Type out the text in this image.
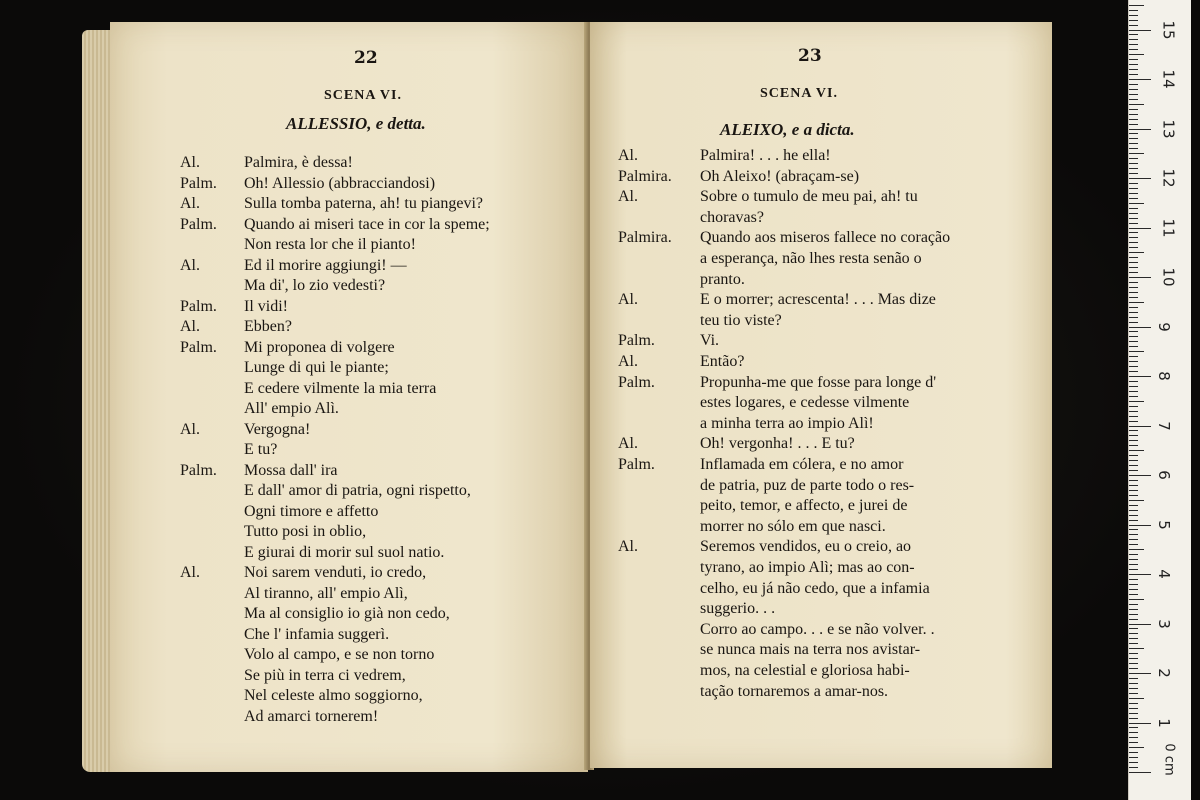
22
SCENA VI.
ALLESSIO, e detta.
Al.	Palmira, è dessa!
Palm.	Oh! Allessio (abbracciandosi)
Al.	Sulla tomba paterna, ah! tu piangevi?
Palm.	Quando ai miseri tace in cor la speme;
Non resta lor che il pianto!
Al.	Ed il morire aggiungi! —
Ma di', lo zio vedesti?
Palm.	Il vidi!
Al.	Ebben?
Palm.	Mi proponea di volgere
Lunge di qui le piante;
E cedere vilmente la mia terra
All' empio Alì.
Al.	Vergogna!
E tu?
Palm.	Mossa dall' ira
E dall' amor di patria, ogni rispetto,
Ogni timore e affetto
Tutto posi in oblio,
E giurai di morir sul suol natio.
Al.	Noi sarem venduti, io credo,
Al tiranno, all' empio Alì,
Ma al consiglio io già non cedo,
Che l' infamia suggerì.
Volo al campo, e se non torno
Se più in terra ci vedrem,
Nel celeste almo soggiorno,
Ad amarci tornerem!
23
SCENA VI.
ALEIXO, e a dicta.
Al.	Palmira! . . . he ella!
Palmira.	Oh Aleixo! (abraçam-se)
Al.	Sobre o tumulo de meu pai, ah! tu
choravas?
Palmira.	Quando aos miseros fallece no coração
a esperança, não lhes resta senão o
pranto.
Al.	E o morrer; acrescenta! . . . Mas dize
teu tio viste?
Palm.	Vi.
Al.	Então?
Palm.	Propunha-me que fosse para longe d'
estes logares, e cedesse vilmente
a minha terra ao impio Alì!
Al.	Oh! vergonha! . . . E tu?
Palm.	Inflamada em cólera, e no amor
de patria, puz de parte todo o res-
peito, temor, e affecto, e jurei de
morrer no sólo em que nasci.
Al.	Seremos vendidos, eu o creio, ao
tyrano, ao impio Alì; mas ao con-
celho, eu já não cedo, que a infamia
suggerio. . .
Corro ao campo. . . e se não volver. .
se nunca mais na terra nos avistar-
mos, na celestial e gloriosa habi-
tação tornaremos a amar-nos.
1
2
3
4
5
6
7
8
9
10
11
12
13
14
15
0 cm
